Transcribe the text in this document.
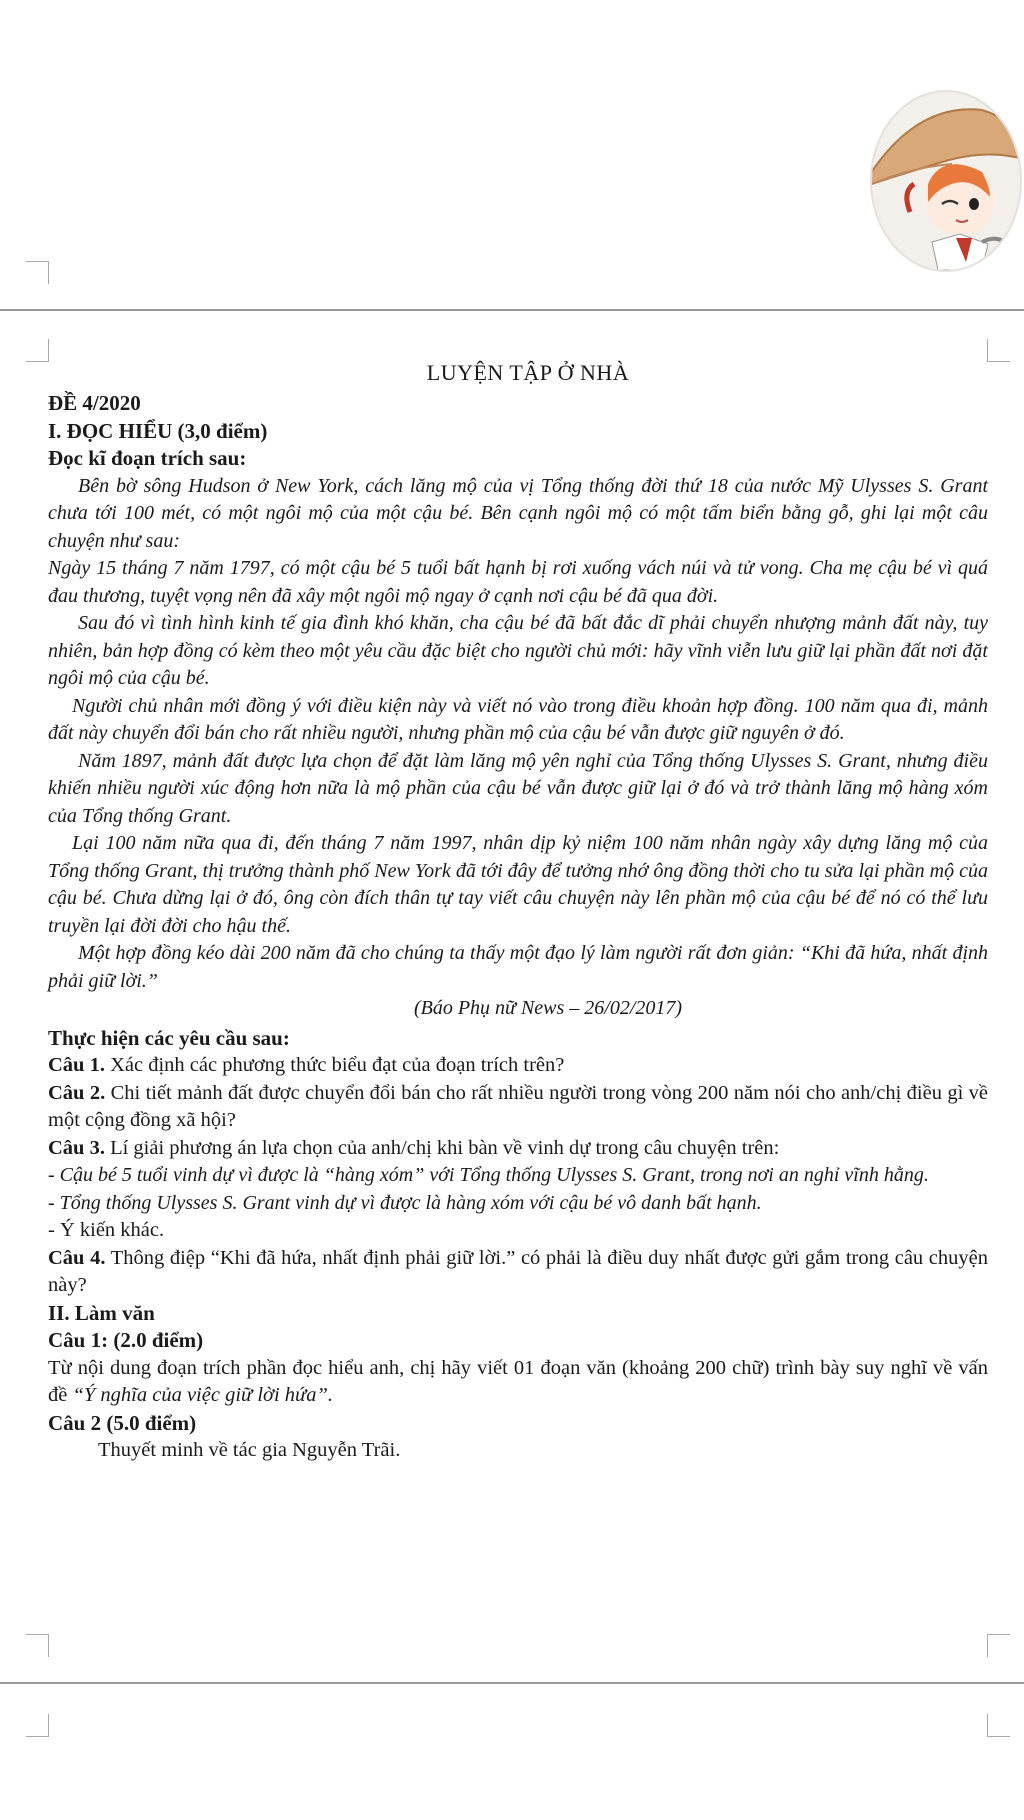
LUYỆN TẬP Ở NHÀ
ĐỀ 4/2020
I. ĐỌC HIỂU (3,0 điểm)
Đọc kĩ đoạn trích sau:
Bên bờ sông Hudson ở New York, cách lăng mộ của vị Tổng thống đời thứ 18 của nước Mỹ Ulysses S. Grant chưa tới 100 mét, có một ngôi mộ của một cậu bé. Bên cạnh ngôi mộ có một tấm biển bằng gỗ, ghi lại một câu chuyện như sau:
Ngày 15 tháng 7 năm 1797, có một cậu bé 5 tuổi bất hạnh bị rơi xuống vách núi và tử vong. Cha mẹ cậu bé vì quá đau thương, tuyệt vọng nên đã xây một ngôi mộ ngay ở cạnh nơi cậu bé đã qua đời.
Sau đó vì tình hình kinh tế gia đình khó khăn, cha cậu bé đã bất đắc dĩ phải chuyển nhượng mảnh đất này, tuy nhiên, bản hợp đồng có kèm theo một yêu cầu đặc biệt cho người chủ mới: hãy vĩnh viễn lưu giữ lại phần đất nơi đặt ngôi mộ của cậu bé.
Người chủ nhân mới đồng ý với điều kiện này và viết nó vào trong điều khoản hợp đồng. 100 năm qua đi, mảnh đất này chuyển đổi bán cho rất nhiều người, nhưng phần mộ của cậu bé vẫn được giữ nguyên ở đó.
Năm 1897, mảnh đất được lựa chọn để đặt làm lăng mộ yên nghỉ của Tổng thống Ulysses S. Grant, nhưng điều khiến nhiều người xúc động hơn nữa là mộ phần của cậu bé vẫn được giữ lại ở đó và trở thành lăng mộ hàng xóm của Tổng thống Grant.
Lại 100 năm nữa qua đi, đến tháng 7 năm 1997, nhân dịp kỷ niệm 100 năm nhân ngày xây dựng lăng mộ của Tổng thống Grant, thị trưởng thành phố New York đã tới đây để tưởng nhớ ông đồng thời cho tu sửa lại phần mộ của cậu bé. Chưa dừng lại ở đó, ông còn đích thân tự tay viết câu chuyện này lên phần mộ của cậu bé để nó có thể lưu truyền lại đời đời cho hậu thế.
Một hợp đồng kéo dài 200 năm đã cho chúng ta thấy một đạo lý làm người rất đơn giản: “Khi đã hứa, nhất định phải giữ lời.”
(Báo Phụ nữ News – 26/02/2017)
Thực hiện các yêu cầu sau:
Câu 1. Xác định các phương thức biểu đạt của đoạn trích trên?
Câu 2. Chi tiết mảnh đất được chuyển đổi bán cho rất nhiều người trong vòng 200 năm nói cho anh/chị điều gì về một cộng đồng xã hội?
Câu 3. Lí giải phương án lựa chọn của anh/chị khi bàn về vinh dự trong câu chuyện trên:
- Cậu bé 5 tuổi vinh dự vì được là “hàng xóm” với Tổng thống Ulysses S. Grant, trong nơi an nghỉ vĩnh hằng.
- Tổng thống Ulysses S. Grant vinh dự vì được là hàng xóm với cậu bé vô danh bất hạnh.
- Ý kiến khác.
Câu 4. Thông điệp “Khi đã hứa, nhất định phải giữ lời.” có phải là điều duy nhất được gửi gắm trong câu chuyện này?
II. Làm văn
Câu 1: (2.0 điểm)
Từ nội dung đoạn trích phần đọc hiểu anh, chị hãy viết 01 đoạn văn (khoảng 200 chữ) trình bày suy nghĩ về vấn đề “Ý nghĩa của việc giữ lời hứa”.
Câu 2 (5.0 điểm)
Thuyết minh về tác gia Nguyễn Trãi.
